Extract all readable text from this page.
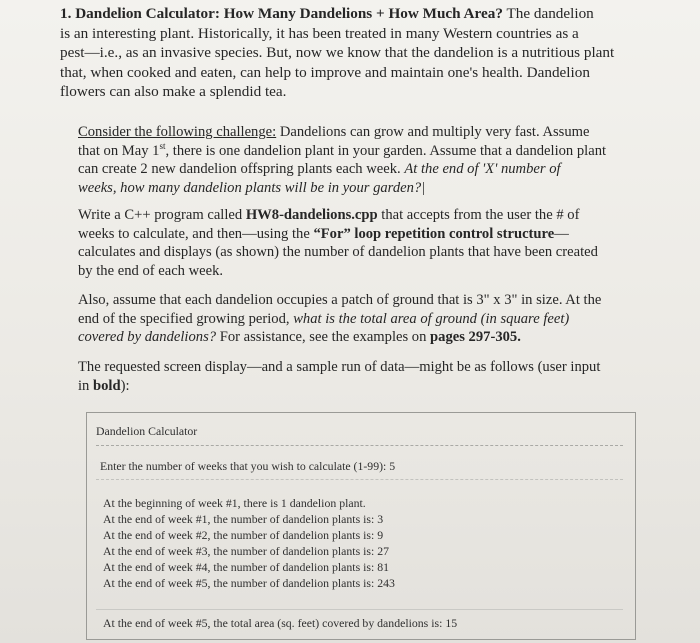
1. Dandelion Calculator: How Many Dandelions + How Much Area? The dandelion
is an interesting plant. Historically, it has been treated in many Western countries as a
pest—i.e., as an invasive species. But, now we know that the dandelion is a nutritious plant
that, when cooked and eaten, can help to improve and maintain one's health. Dandelion
flowers can also make a splendid tea.
Consider the following challenge: Dandelions can grow and multiply very fast. Assume
that on May 1st, there is one dandelion plant in your garden. Assume that a dandelion plant
can create 2 new dandelion offspring plants each week. At the end of 'X' number of
weeks, how many dandelion plants will be in your garden?|
Write a C++ program called HW8-dandelions.cpp that accepts from the user the # of
weeks to calculate, and then—using the “For” loop repetition control structure—
calculates and displays (as shown) the number of dandelion plants that have been created
by the end of each week.
Also, assume that each dandelion occupies a patch of ground that is 3" x 3" in size. At the
end of the specified growing period, what is the total area of ground (in square feet)
covered by dandelions? For assistance, see the examples on pages 297-305.
The requested screen display—and a sample run of data—might be as follows (user input
in bold):
Dandelion Calculator
Enter the number of weeks that you wish to calculate (1-99): 5
At the beginning of week #1, there is 1 dandelion plant.
At the end of week #1, the number of dandelion plants is: 3
At the end of week #2, the number of dandelion plants is: 9
At the end of week #3, the number of dandelion plants is: 27
At the end of week #4, the number of dandelion plants is: 81
At the end of week #5, the number of dandelion plants is: 243
At the end of week #5, the total area (sq. feet) covered by dandelions is: 15
